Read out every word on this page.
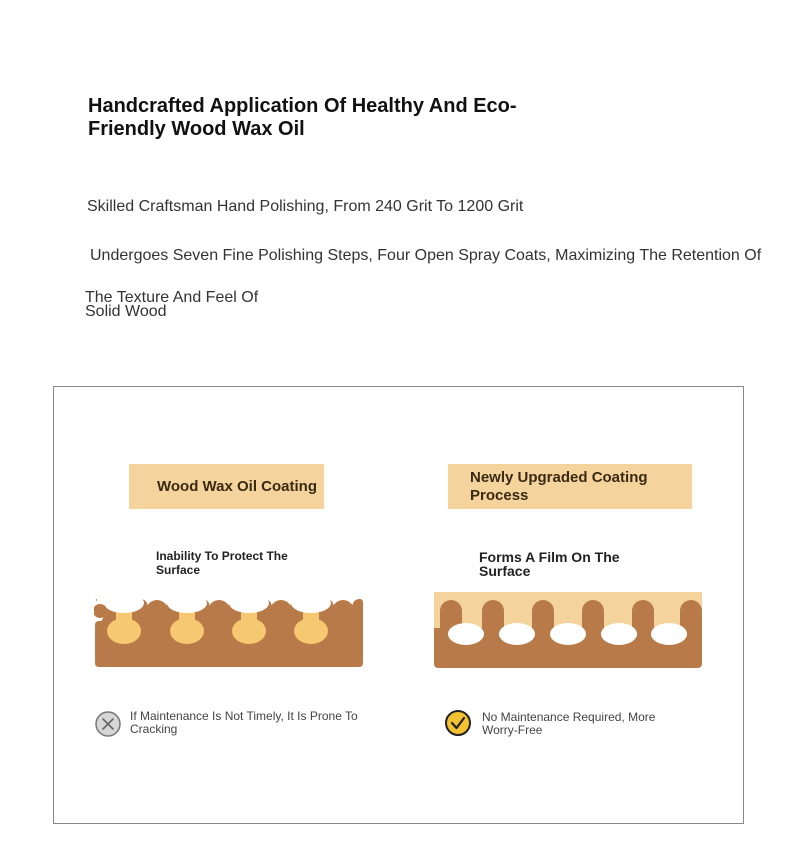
Handcrafted Application Of Healthy And Eco-Friendly Wood Wax Oil
Skilled Craftsman Hand Polishing, From 240 Grit To 1200 Grit
Undergoes Seven Fine Polishing Steps, Four Open Spray Coats, Maximizing The Retention Of
The Texture And Feel Of Solid Wood
Wood Wax Oil Coating
Newly Upgraded Coating Process
Inability To Protect The Surface
Forms A Film On The Surface
If Maintenance Is Not Timely, It Is Prone To Cracking
No Maintenance Required, More Worry-Free
